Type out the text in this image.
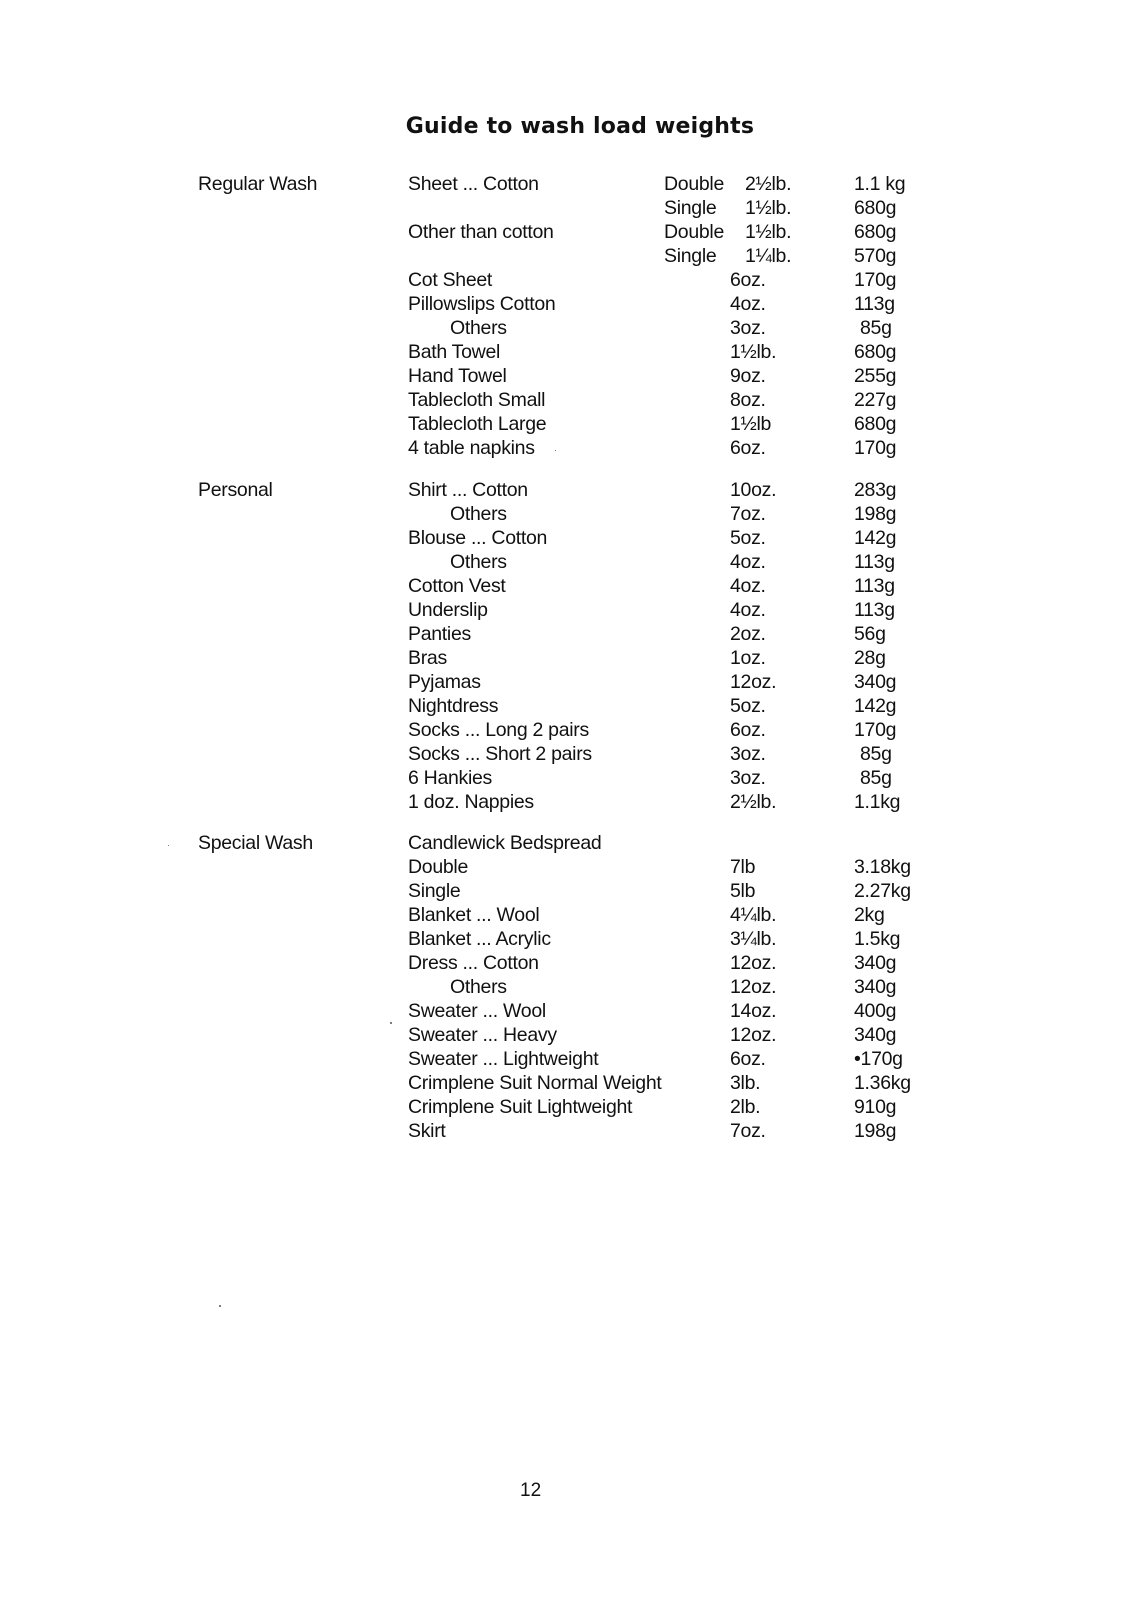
Guide to wash load weights
Regular Wash	Sheet ... Cotton	Double 2½lb.	1.1 kg
Single 1½lb.	680g
Other than cotton	Double 1½lb.	680g
Single 1¼lb.	570g
Cot Sheet	6oz.	170g
Pillowslips Cotton	4oz.	113g
Others	3oz.	85g
Bath Towel	1½lb.	680g
Hand Towel	9oz.	255g
Tablecloth Small	8oz.	227g
Tablecloth Large	1½lb	680g
4 table napkins	6oz.	170g
Personal	Shirt ... Cotton	10oz.	283g
Others	7oz.	198g
Blouse ... Cotton	5oz.	142g
Others	4oz.	113g
Cotton Vest	4oz.	113g
Underslip	4oz.	113g
Panties	2oz.	56g
Bras	1oz.	28g
Pyjamas	12oz.	340g
Nightdress	5oz.	142g
Socks ... Long 2 pairs	6oz.	170g
Socks ... Short 2 pairs	3oz.	85g
6 Hankies	3oz.	85g
1 doz. Nappies	2½lb.	1.1kg
Special Wash	Candlewick Bedspread
Double	7lb	3.18kg
Single	5lb	2.27kg
Blanket ... Wool	4¼lb.	2kg
Blanket ... Acrylic	3¼lb.	1.5kg
Dress ... Cotton	12oz.	340g
Others	12oz.	340g
Sweater ... Wool	14oz.	400g
Sweater ... Heavy	12oz.	340g
Sweater ... Lightweight	6oz.	•170g
Crimplene Suit Normal Weight	3lb.	1.36kg
Crimplene Suit Lightweight	2lb.	910g
Skirt	7oz.	198g
12
